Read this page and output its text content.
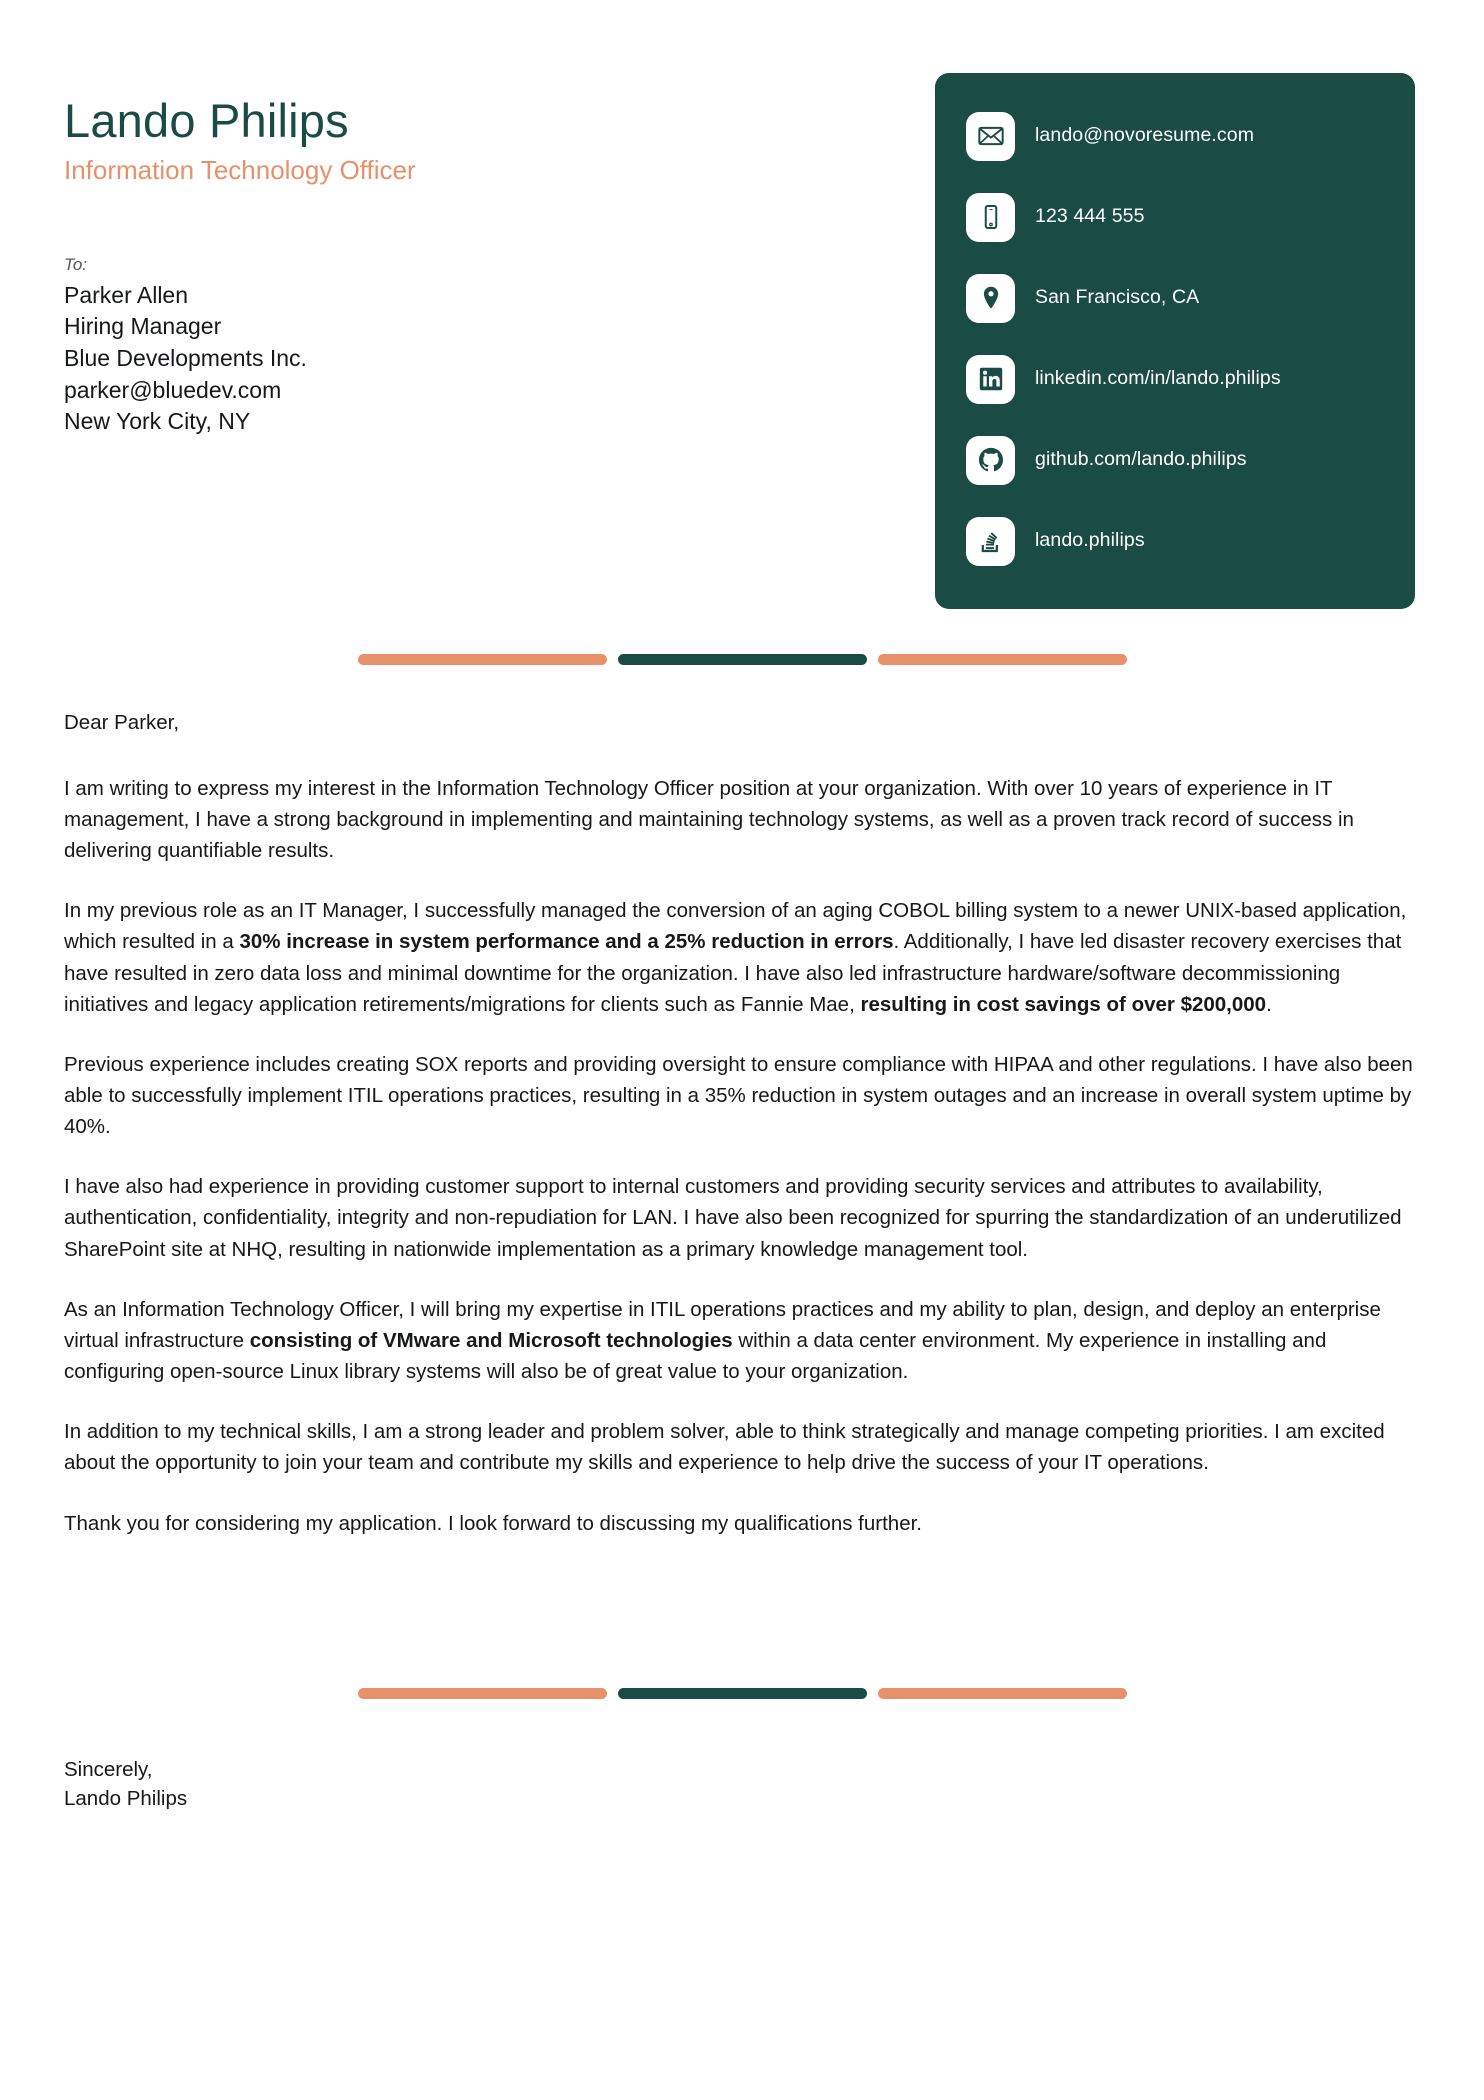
Lando Philips
Information Technology Officer
To:
Parker Allen
Hiring Manager
Blue Developments Inc.
parker@bluedev.com
New York City, NY
lando@novoresume.com
123 444 555
San Francisco, CA
linkedin.com/in/lando.philips
github.com/lando.philips
lando.philips

Dear Parker,

I am writing to express my interest in the Information Technology Officer position at your organization. With over 10 years of experience in IT management, I have a strong background in implementing and maintaining technology systems, as well as a proven track record of success in delivering quantifiable results.

In my previous role as an IT Manager, I successfully managed the conversion of an aging COBOL billing system to a newer UNIX-based application, which resulted in a 30% increase in system performance and a 25% reduction in errors. Additionally, I have led disaster recovery exercises that have resulted in zero data loss and minimal downtime for the organization. I have also led infrastructure hardware/software decommissioning initiatives and legacy application retirements/migrations for clients such as Fannie Mae, resulting in cost savings of over $200,000.

Previous experience includes creating SOX reports and providing oversight to ensure compliance with HIPAA and other regulations. I have also been able to successfully implement ITIL operations practices, resulting in a 35% reduction in system outages and an increase in overall system uptime by 40%.

I have also had experience in providing customer support to internal customers and providing security services and attributes to availability, authentication, confidentiality, integrity and non-repudiation for LAN. I have also been recognized for spurring the standardization of an underutilized SharePoint site at NHQ, resulting in nationwide implementation as a primary knowledge management tool.

As an Information Technology Officer, I will bring my expertise in ITIL operations practices and my ability to plan, design, and deploy an enterprise virtual infrastructure consisting of VMware and Microsoft technologies within a data center environment. My experience in installing and configuring open-source Linux library systems will also be of great value to your organization.

In addition to my technical skills, I am a strong leader and problem solver, able to think strategically and manage competing priorities. I am excited about the opportunity to join your team and contribute my skills and experience to help drive the success of your IT operations.

Thank you for considering my application. I look forward to discussing my qualifications further.

Sincerely,
Lando Philips
